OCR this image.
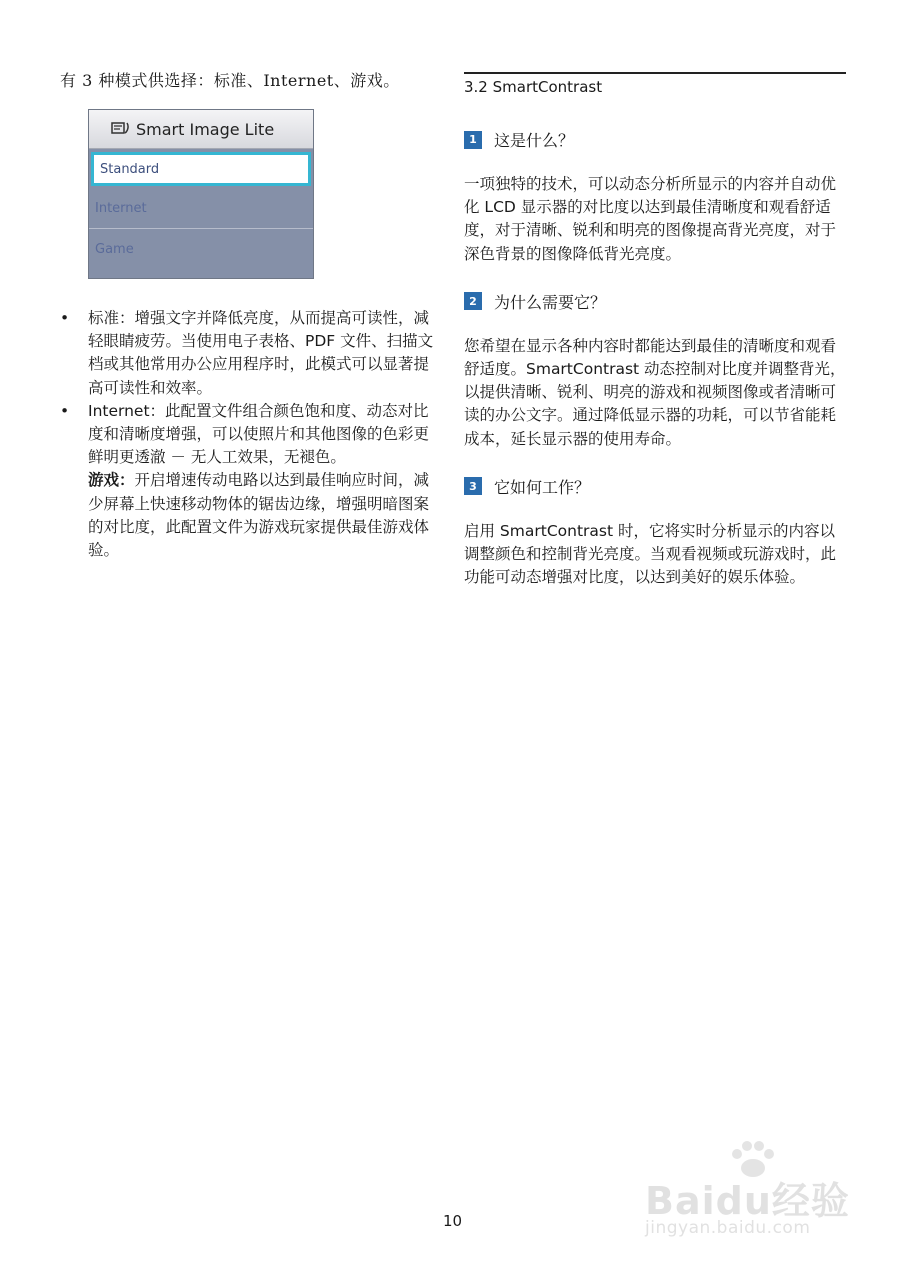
有 3 种模式供选择：标准、Internet、游戏。

Smart Image Lite
Standard
Internet
Game
• 标准：增强文字并降低亮度，从而提高可读性，减轻眼睛疲劳。当使用电子表格、PDF 文件、扫描文档或其他常用办公应用程序时，此模式可以显著提高可读性和效率。
• Internet：此配置文件组合颜色饱和度、动态对比度和清晰度增强，可以使照片和其他图像的色彩更鲜明更透澈 － 无人工效果，无褪色。
游戏：开启增速传动电路以达到最佳响应时间，减少屏幕上快速移动物体的锯齿边缘，增强明暗图案的对比度，此配置文件为游戏玩家提供最佳游戏体验。
3.2 SmartContrast
1	这是什么？

一项独特的技术，可以动态分析所显示的内容并自动优化 LCD 显示器的对比度以达到最佳清晰度和观看舒适度，对于清晰、锐利和明亮的图像提高背光亮度，对于深色背景的图像降低背光亮度。

2	为什么需要它？

您希望在显示各种内容时都能达到最佳的清晰度和观看舒适度。SmartContrast 动态控制对比度并调整背光，以提供清晰、锐利、明亮的游戏和视频图像或者清晰可读的办公文字。通过降低显示器的功耗，可以节省能耗成本，延长显示器的使用寿命。

3	它如何工作？

启用 SmartContrast 时，它将实时分析显示的内容以调整颜色和控制背光亮度。当观看视频或玩游戏时，此功能可动态增强对比度，以达到美好的娱乐体验。

10	Baidu经验
jingyan.baidu.com
